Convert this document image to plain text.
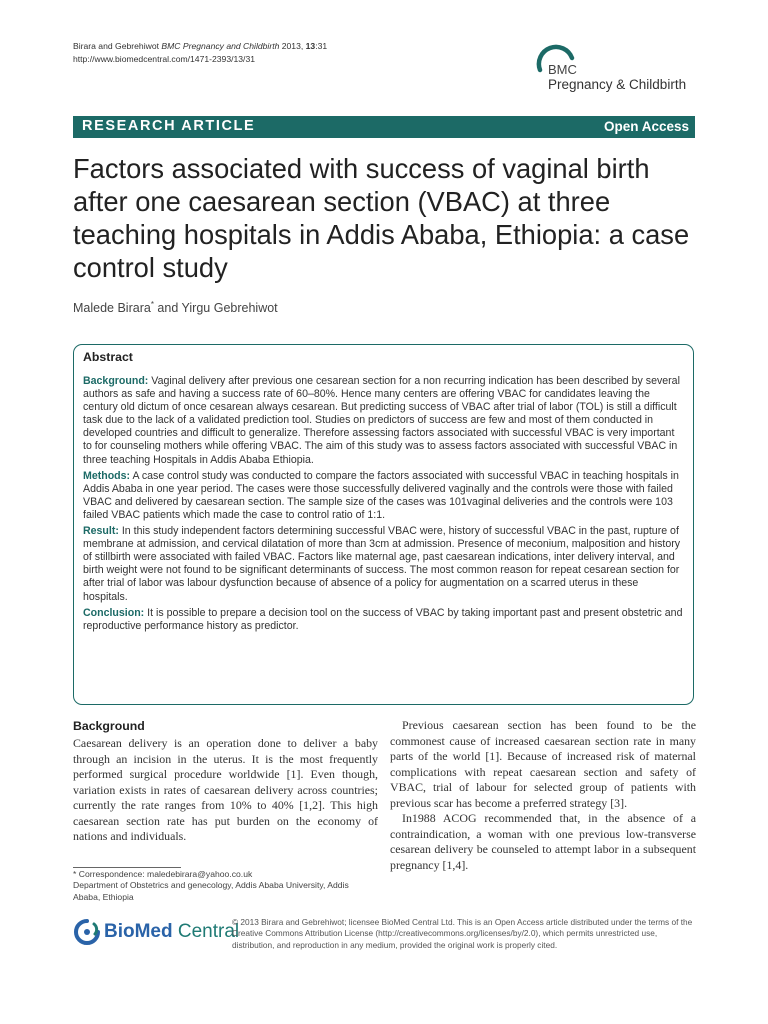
Birara and Gebrehiwot BMC Pregnancy and Childbirth 2013, 13:31
http://www.biomedcentral.com/1471-2393/13/31
BMC
Pregnancy & Childbirth
RESEARCH ARTICLE	Open Access
Factors associated with success of vaginal birth after one caesarean section (VBAC) at three teaching hospitals in Addis Ababa, Ethiopia: a case control study
Malede Birara* and Yirgu Gebrehiwot
Abstract

Background: Vaginal delivery after previous one cesarean section for a non recurring indication has been described by several authors as safe and having a success rate of 60–80%. Hence many centers are offering VBAC for candidates leaving the century old dictum of once cesarean always cesarean. But predicting success of VBAC after trial of labor (TOL) is still a difficult task due to the lack of a validated prediction tool. Studies on predictors of success are few and most of them conducted in developed countries and difficult to generalize. Therefore assessing factors associated with successful VBAC is very important to for counseling mothers while offering VBAC. The aim of this study was to assess factors associated with successful VBAC in three teaching Hospitals in Addis Ababa Ethiopia.

Methods: A case control study was conducted to compare the factors associated with successful VBAC in teaching hospitals in Addis Ababa in one year period. The cases were those successfully delivered vaginally and the controls were those with failed VBAC and delivered by caesarean section. The sample size of the cases was 101vaginal deliveries and the controls were 103 failed VBAC patients which made the case to control ratio of 1:1.

Result: In this study independent factors determining successful VBAC were, history of successful VBAC in the past, rupture of membrane at admission, and cervical dilatation of more than 3cm at admission. Presence of meconium, malposition and history of stillbirth were associated with failed VBAC. Factors like maternal age, past caesarean indications, inter delivery interval, and birth weight were not found to be significant determinants of success. The most common reason for repeat cesarean section for after trial of labor was labour dysfunction because of absence of a policy for augmentation on a scarred uterus in these hospitals.

Conclusion: It is possible to prepare a decision tool on the success of VBAC by taking important past and present obstetric and reproductive performance history as predictor.

Background

Caesarean delivery is an operation done to deliver a baby through an incision in the uterus. It is the most frequently performed surgical procedure worldwide [1]. Even though, variation exists in rates of caesarean delivery across countries; currently the rate ranges from 10% to 40% [1,2]. This high caesarean section rate has put burden on the economy of nations and individuals.

Previous caesarean section has been found to be the commonest cause of increased caesarean section rate in many parts of the world [1]. Because of increased risk of maternal complications with repeat caesarean section and safety of VBAC, trial of labour for selected group of patients with previous scar has become a preferred strategy [3].

In1988 ACOG recommended that, in the absence of a contraindication, a woman with one previous low-transverse cesarean delivery be counseled to attempt labor in a subsequent pregnancy [1,4].

* Correspondence: maledebirara@yahoo.co.uk

Department of Obstetrics and genecology, Addis Ababa University, Addis Ababa, Ethiopia

BioMed Central

© 2013 Birara and Gebrehiwot; licensee BioMed Central Ltd. This is an Open Access article distributed under the terms of the Creative Commons Attribution License (http://creativecommons.org/licenses/by/2.0), which permits unrestricted use, distribution, and reproduction in any medium, provided the original work is properly cited.
